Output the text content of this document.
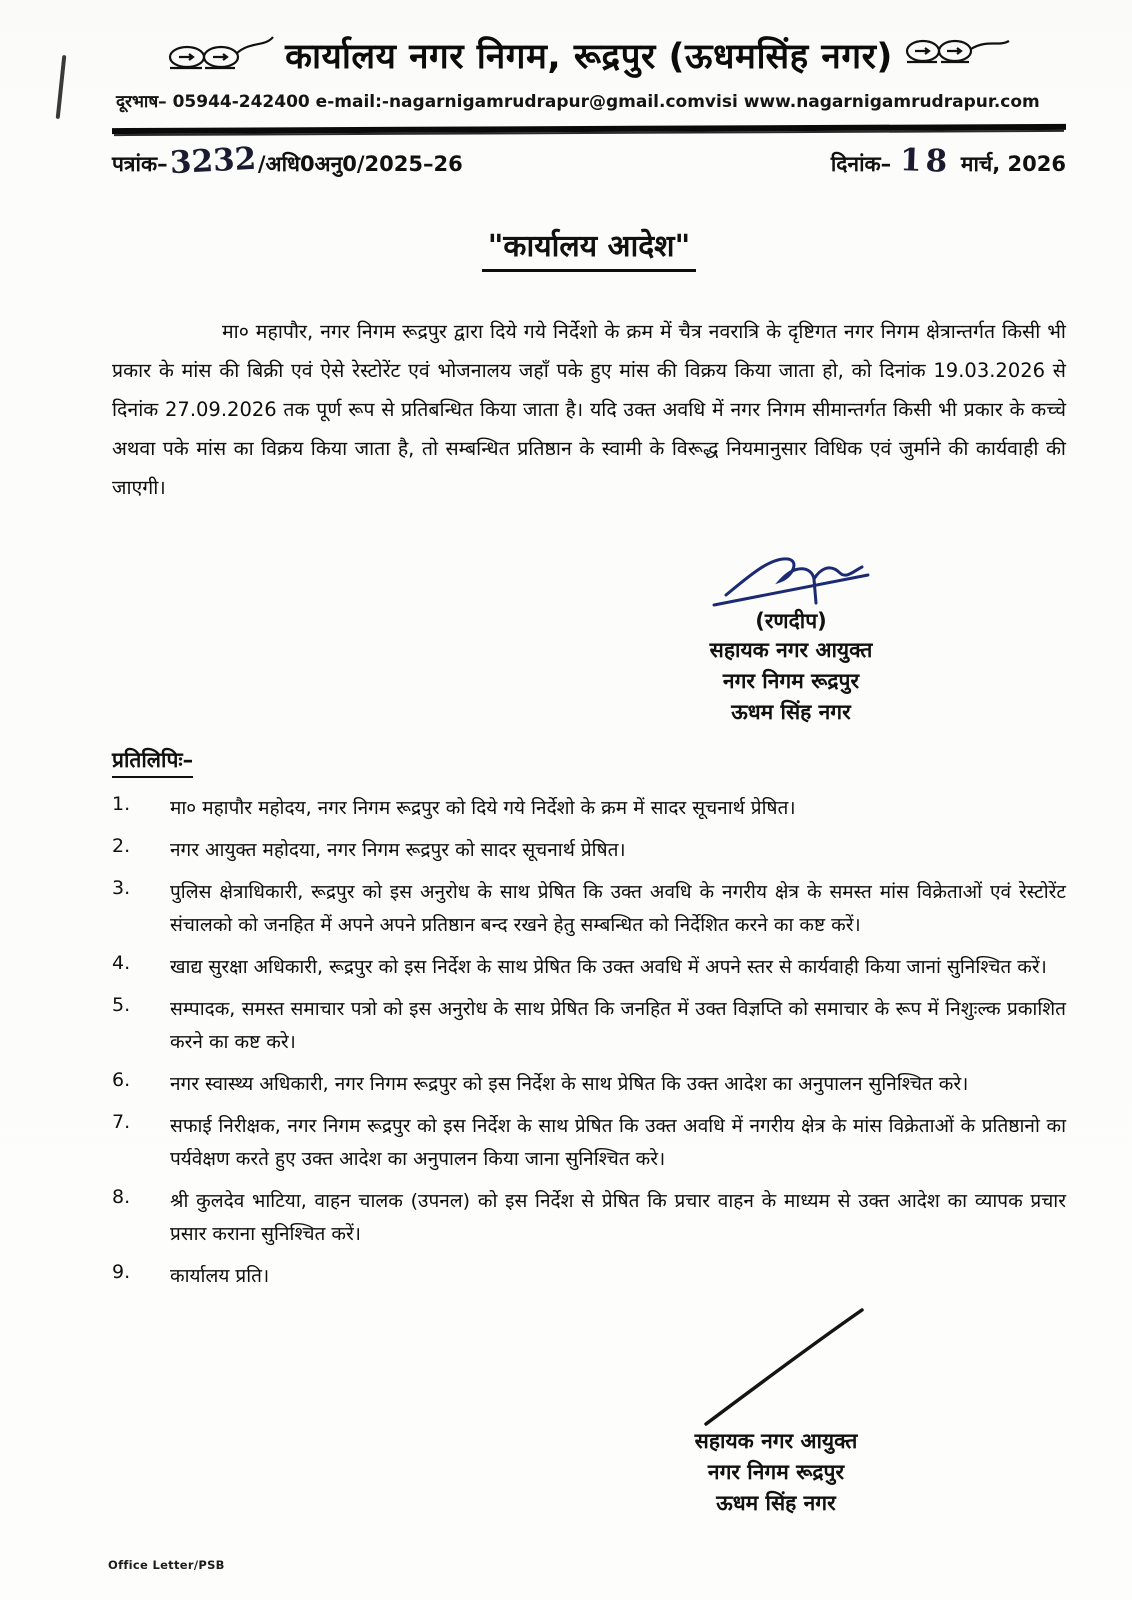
कार्यालय नगर निगम, रूद्रपुर (ऊधमसिंह नगर)
दूरभाष– 05944-242400 e-mail:-nagarnigamrudrapur@gmail.comvisi www.nagarnigamrudrapur.com
पत्रांक–3232/अधि0अनु0/2025–26	दिनांक– 18 मार्च, 2026
"कार्यालय आदेश"

मा० महापौर, नगर निगम रूद्रपुर द्वारा दिये गये निर्देशो के क्रम में चैत्र नवरात्रि के दृष्टिगत नगर निगम क्षेत्रान्तर्गत किसी भी प्रकार के मांस की बिक्री एवं ऐसे रेस्टोरेंट एवं भोजनालय जहाँ पके हुए मांस की विक्रय किया जाता हो, को दिनांक 19.03.2026 से दिनांक 27.09.2026 तक पूर्ण रूप से प्रतिबन्धित किया जाता है। यदि उक्त अवधि में नगर निगम सीमान्तर्गत किसी भी प्रकार के कच्चे अथवा पके मांस का विक्रय किया जाता है, तो सम्बन्धित प्रतिष्ठान के स्वामी के विरूद्ध नियमानुसार विधिक एवं जुर्माने की कार्यवाही की जाएगी।

(रणदीप)
सहायक नगर आयुक्त
नगर निगम रूद्रपुर
ऊधम सिंह नगर
प्रतिलिपिः–
1.	मा० महापौर महोदय, नगर निगम रूद्रपुर को दिये गये निर्देशो के क्रम में सादर सूचनार्थ प्रेषित।
2.	नगर आयुक्त महोदया, नगर निगम रूद्रपुर को सादर सूचनार्थ प्रेषित।
3.	पुलिस क्षेत्राधिकारी, रूद्रपुर को इस अनुरोध के साथ प्रेषित कि उक्त अवधि के नगरीय क्षेत्र के समस्त मांस विक्रेताओं एवं रेस्टोरेंट संचालको को जनहित में अपने अपने प्रतिष्ठान बन्द रखने हेतु सम्बन्धित को निर्देशित करने का कष्ट करें।
4.	खाद्य सुरक्षा अधिकारी, रूद्रपुर को इस निर्देश के साथ प्रेषित कि उक्त अवधि में अपने स्तर से कार्यवाही किया जानां सुनिश्चित करें।
5.	सम्पादक, समस्त समाचार पत्रो को इस अनुरोध के साथ प्रेषित कि जनहित में उक्त विज्ञप्ति को समाचार के रूप में निशुःल्क प्रकाशित करने का कष्ट करे।
6.	नगर स्वास्थ्य अधिकारी, नगर निगम रूद्रपुर को इस निर्देश के साथ प्रेषित कि उक्त आदेश का अनुपालन सुनिश्चित करे।
7.	सफाई निरीक्षक, नगर निगम रूद्रपुर को इस निर्देश के साथ प्रेषित कि उक्त अवधि में नगरीय क्षेत्र के मांस विक्रेताओं के प्रतिष्ठानो का पर्यवेक्षण करते हुए उक्त आदेश का अनुपालन किया जाना सुनिश्चित करे।
8.	श्री कुलदेव भाटिया, वाहन चालक (उपनल) को इस निर्देश से प्रेषित कि प्रचार वाहन के माध्यम से उक्त आदेश का व्यापक प्रचार प्रसार कराना सुनिश्चित करें।
9.	कार्यालय प्रति।
सहायक नगर आयुक्त
नगर निगम रूद्रपुर
ऊधम सिंह नगर
Office Letter/PSB
